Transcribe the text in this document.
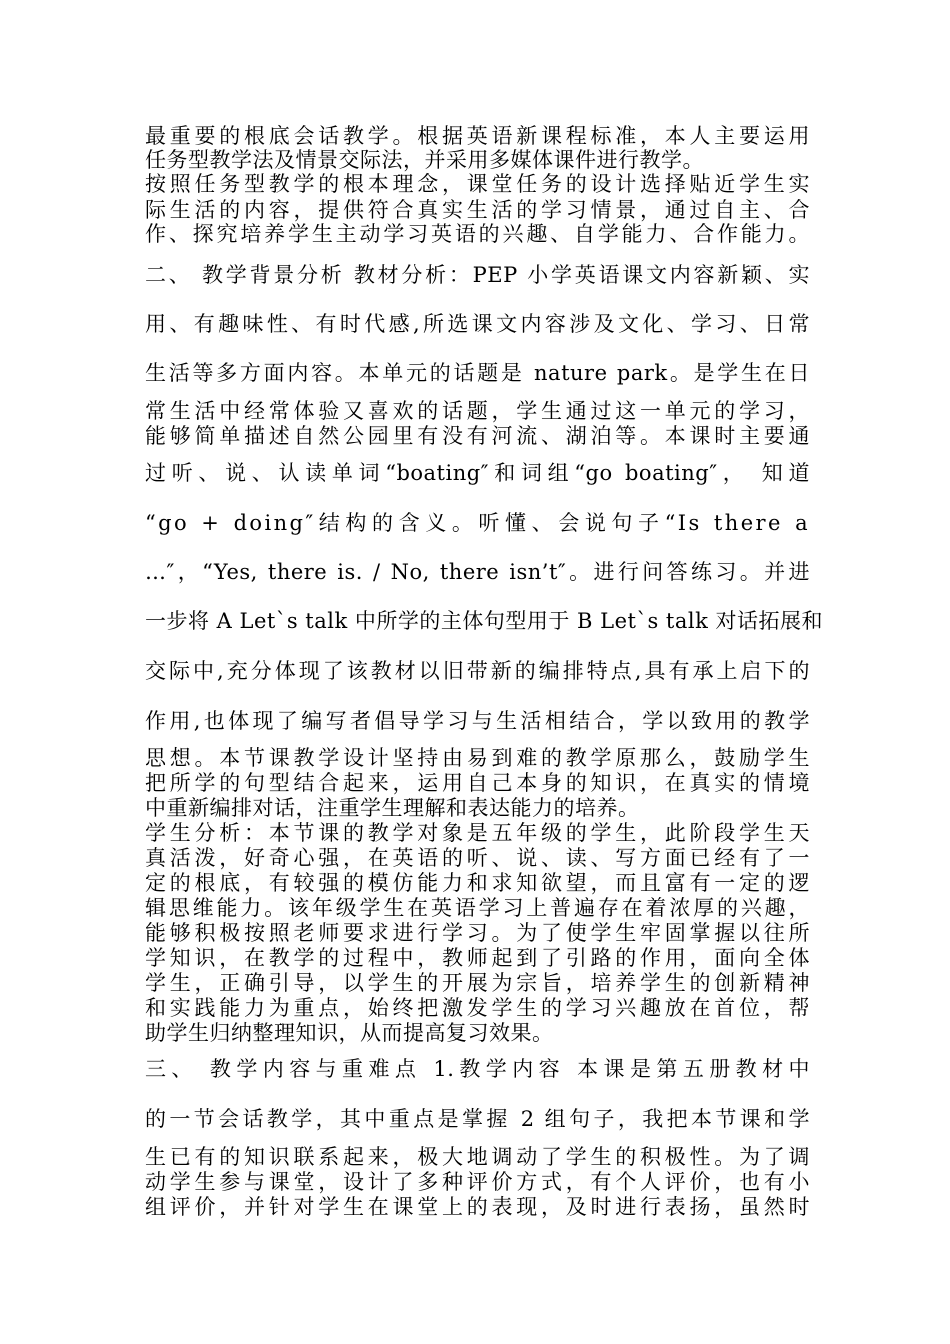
最重要的根底会话教学。根据英语新课程标准，本人主要运用
任务型教学法及情景交际法，并采用多媒体课件进行教学。
按照任务型教学的根本理念，课堂任务的设计选择贴近学生实
际生活的内容，提供符合真实生活的学习情景，通过自主、合
作、探究培养学生主动学习英语的兴趣、自学能力、合作能力。
二、 教学背景分析 教材分析：PEP 小学英语课文内容新颖、实
用、有趣味性、有时代感,所选课文内容涉及文化、学习、日常
生活等多方面内容。本单元的话题是 nature park。是学生在日
常生活中经常体验又喜欢的话题，学生通过这一单元的学习，
能够简单描述自然公园里有没有河流、湖泊等。本课时主要通
过听、说、认读单词“boating″和词组“go boating″， 知道
“go + doing″结构的含义。听懂、会说句子“Is there a
…″，“Yes, there is. / No, there isn’t″。进行问答练习。并进
一步将 A Let`s talk 中所学的主体句型用于 B Let`s talk 对话拓展和
交际中,充分体现了该教材以旧带新的编排特点,具有承上启下的
作用,也体现了编写者倡导学习与生活相结合，学以致用的教学
思想。本节课教学设计坚持由易到难的教学原那么，鼓励学生
把所学的句型结合起来，运用自己本身的知识，在真实的情境
中重新编排对话，注重学生理解和表达能力的培养。
学生分析：本节课的教学对象是五年级的学生，此阶段学生天
真活泼，好奇心强，在英语的听、说、读、写方面已经有了一
定的根底，有较强的模仿能力和求知欲望，而且富有一定的逻
辑思维能力。该年级学生在英语学习上普遍存在着浓厚的兴趣，
能够积极按照老师要求进行学习。为了使学生牢固掌握以往所
学知识，在教学的过程中，教师起到了引路的作用，面向全体
学生，正确引导，以学生的开展为宗旨，培养学生的创新精神
和实践能力为重点，始终把激发学生的学习兴趣放在首位，帮
助学生归纳整理知识，从而提高复习效果。
三、 教学内容与重难点 1.教学内容 本课是第五册教材中
的一节会话教学，其中重点是掌握 2 组句子，我把本节课和学
生已有的知识联系起来，极大地调动了学生的积极性。为了调
动学生参与课堂，设计了多种评价方式，有个人评价，也有小
组评价，并针对学生在课堂上的表现，及时进行表扬，虽然时
